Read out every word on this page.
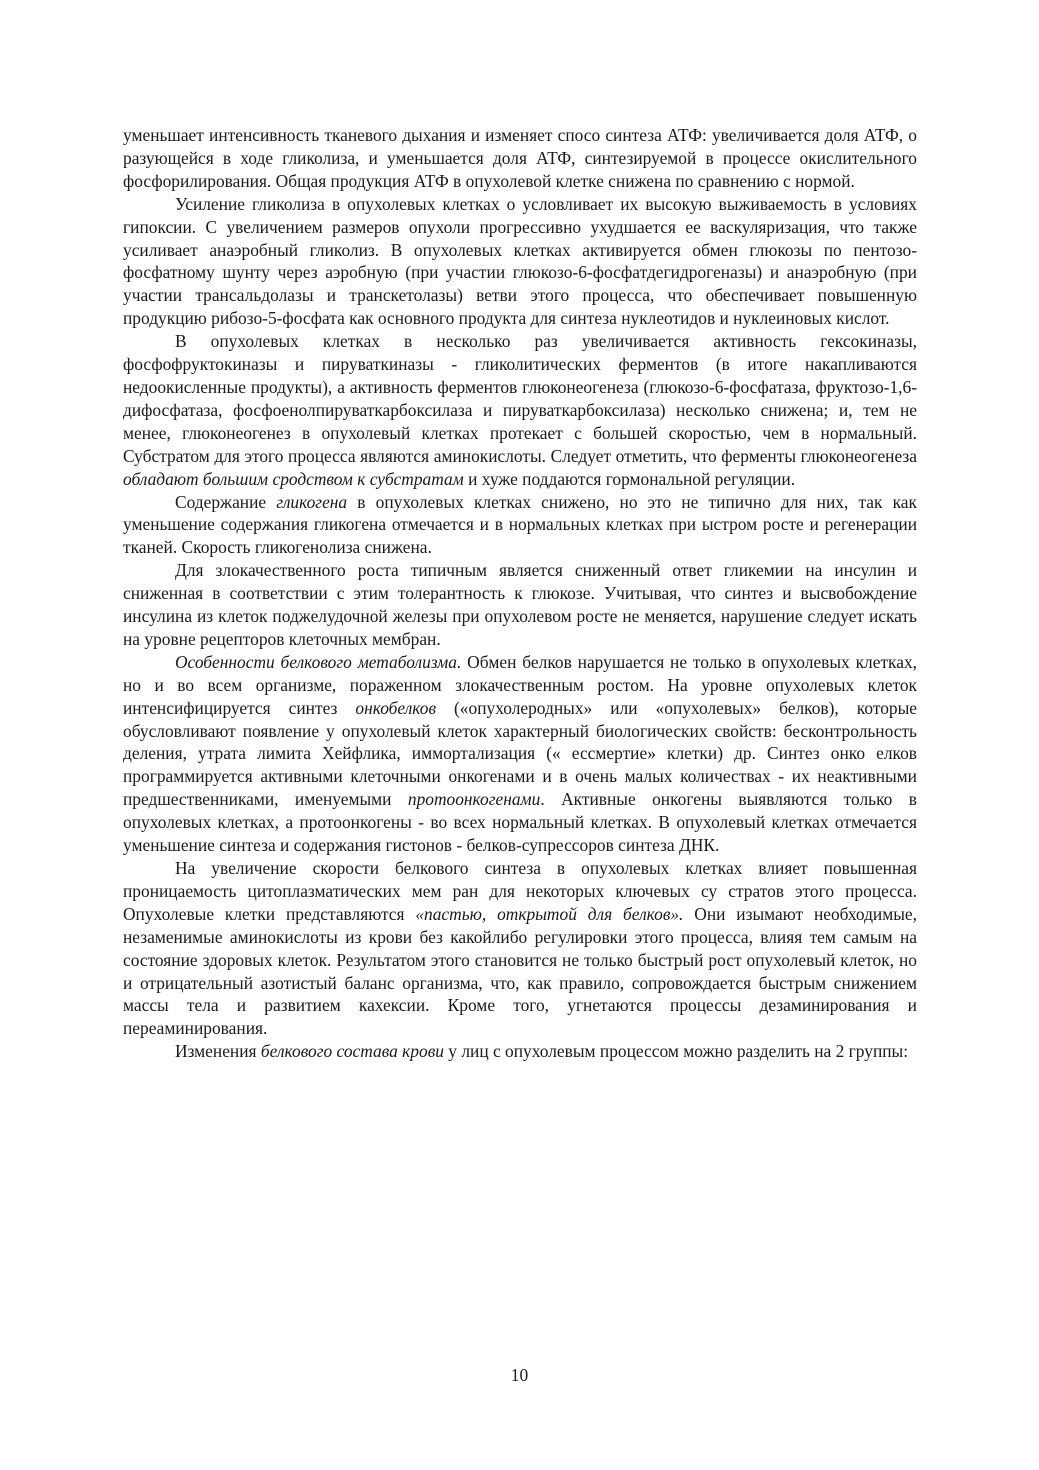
уменьшает интенсивность тканевого дыхания и изменяет спосо синтеза АТФ: увеличивается доля АТФ, о разующейся в ходе гликолиза, и уменьшается доля АТФ, синтезируемой в процессе окислительного фосфорилирования. Общая продукция АТФ в опухолевой клетке снижена по сравнению с нормой.

Усиление гликолиза в опухолевых клетках о условливает их высокую выживаемость в условиях гипоксии. С увеличением размеров опухоли прогрессивно ухудшается ее васкуляризация, что также усиливает анаэробный гликолиз. В опухолевых клетках активируется обмен глюкозы по пентозо-фосфатному шунту через аэробную (при участии глюкозо-6-фосфатдегидрогеназы) и анаэробную (при участии трансальдолазы и транскетолазы) ветви этого процесса, что обеспечивает повышенную продукцию рибозо-5-фосфата как основного продукта для синтеза нуклеотидов и нуклеиновых кислот.

В опухолевых клетках в несколько раз увеличивается активность гексокиназы, фосфофруктокиназы и пируваткиназы - гликолитических ферментов (в итоге накапливаются недоокисленные продукты), а активность ферментов глюконеогенеза (глюкозо-6-фосфатаза, фруктозо-1,6-дифосфатаза, фосфоенолпируваткарбоксилаза и пируваткарбоксилаза) несколько снижена; и, тем не менее, глюконеогенез в опухолевый клетках протекает с большей скоростью, чем в нормальный. Субстратом для этого процесса являются аминокислоты. Следует отметить, что ферменты глюконеогенеза обладают большим сродством к субстратам и хуже поддаются гормональной регуляции.

Содержание гликогена в опухолевых клетках снижено, но это не типично для них, так как уменьшение содержания гликогена отмечается и в нормальных клетках при ыстром росте и регенерации тканей. Скорость гликогенолиза снижена.

Для злокачественного роста типичным является сниженный ответ гликемии на инсулин и сниженная в соответствии с этим толерантность к глюкозе. Учитывая, что синтез и высвобождение инсулина из клеток поджелудочной железы при опухолевом росте не меняется, нарушение следует искать на уровне рецепторов клеточных мембран.

Особенности белкового метаболизма. Обмен белков нарушается не только в опухолевых клетках, но и во всем организме, пораженном злокачественным ростом. На уровне опухолевых клеток интенсифицируется синтез онкобелков («опухолеродных» или «опухолевых» белков), которые обусловливают появление у опухолевый клеток характерный биологических свойств: бесконтрольность деления, утрата лимита Хейфлика, иммортализация (« ессмертие» клетки) др. Синтез онко елков программируется активными клеточными онкогенами и в очень малых количествах - их неактивными предшественниками, именуемыми протоонкогенами. Активные онкогены выявляются только в опухолевых клетках, а протоонкогены - во всех нормальный клетках. В опухолевый клетках отмечается уменьшение синтеза и содержания гистонов - белков-супрессоров синтеза ДНК.

На увеличение скорости белкового синтеза в опухолевых клетках влияет повышенная проницаемость цитоплазматических мем ран для некоторых ключевых су стратов этого процесса. Опухолевые клетки представляются «пастью, открытой для белков». Они изымают необходимые, незаменимые аминокислоты из крови без какойлибо регулировки этого процесса, влияя тем самым на состояние здоровых клеток. Результатом этого становится не только быстрый рост опухолевый клеток, но и отрицательный азотистый баланс организма, что, как правило, сопровождается быстрым снижением массы тела и развитием кахексии. Кроме того, угнетаются процессы дезаминирования и переаминирования.

Изменения белкового состава крови у лиц с опухолевым процессом можно разделить на 2 группы:

10
